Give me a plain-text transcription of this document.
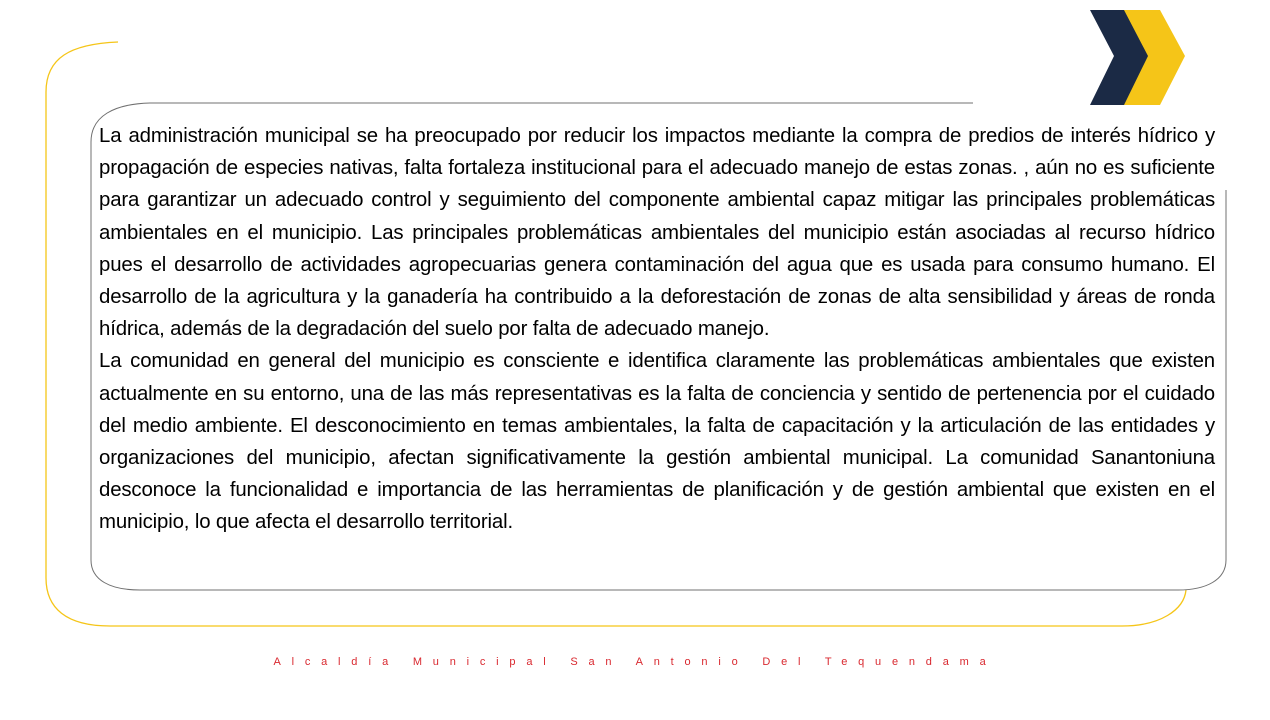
La administración municipal se ha preocupado por reducir los impactos mediante la compra de predios de interés hídrico y propagación de especies nativas, falta fortaleza institucional para el adecuado manejo de estas zonas. , aún no es suficiente para garantizar un adecuado control y seguimiento del componente ambiental capaz mitigar las principales problemáticas ambientales en el municipio. Las principales problemáticas ambientales del municipio están asociadas al recurso hídrico pues el desarrollo de actividades agropecuarias genera contaminación del agua que es usada para consumo humano. El desarrollo de la agricultura y la ganadería ha contribuido a la deforestación de zonas de alta sensibilidad y áreas de ronda hídrica, además de la degradación del suelo por falta de adecuado manejo.

La comunidad en general del municipio es consciente e identifica claramente las problemáticas ambientales que existen actualmente en su entorno, una de las más representativas es la falta de conciencia y sentido de pertenencia por el cuidado del medio ambiente. El desconocimiento en temas ambientales, la falta de capacitación y la articulación de las entidades y organizaciones del municipio, afectan significativamente la gestión ambiental municipal. La comunidad Sanantoniuna desconoce la funcionalidad e importancia de las herramientas de planificación y de gestión ambiental que existen en el municipio, lo que afecta el desarrollo territorial.

Alcaldía Municipal San Antonio Del Tequendama
